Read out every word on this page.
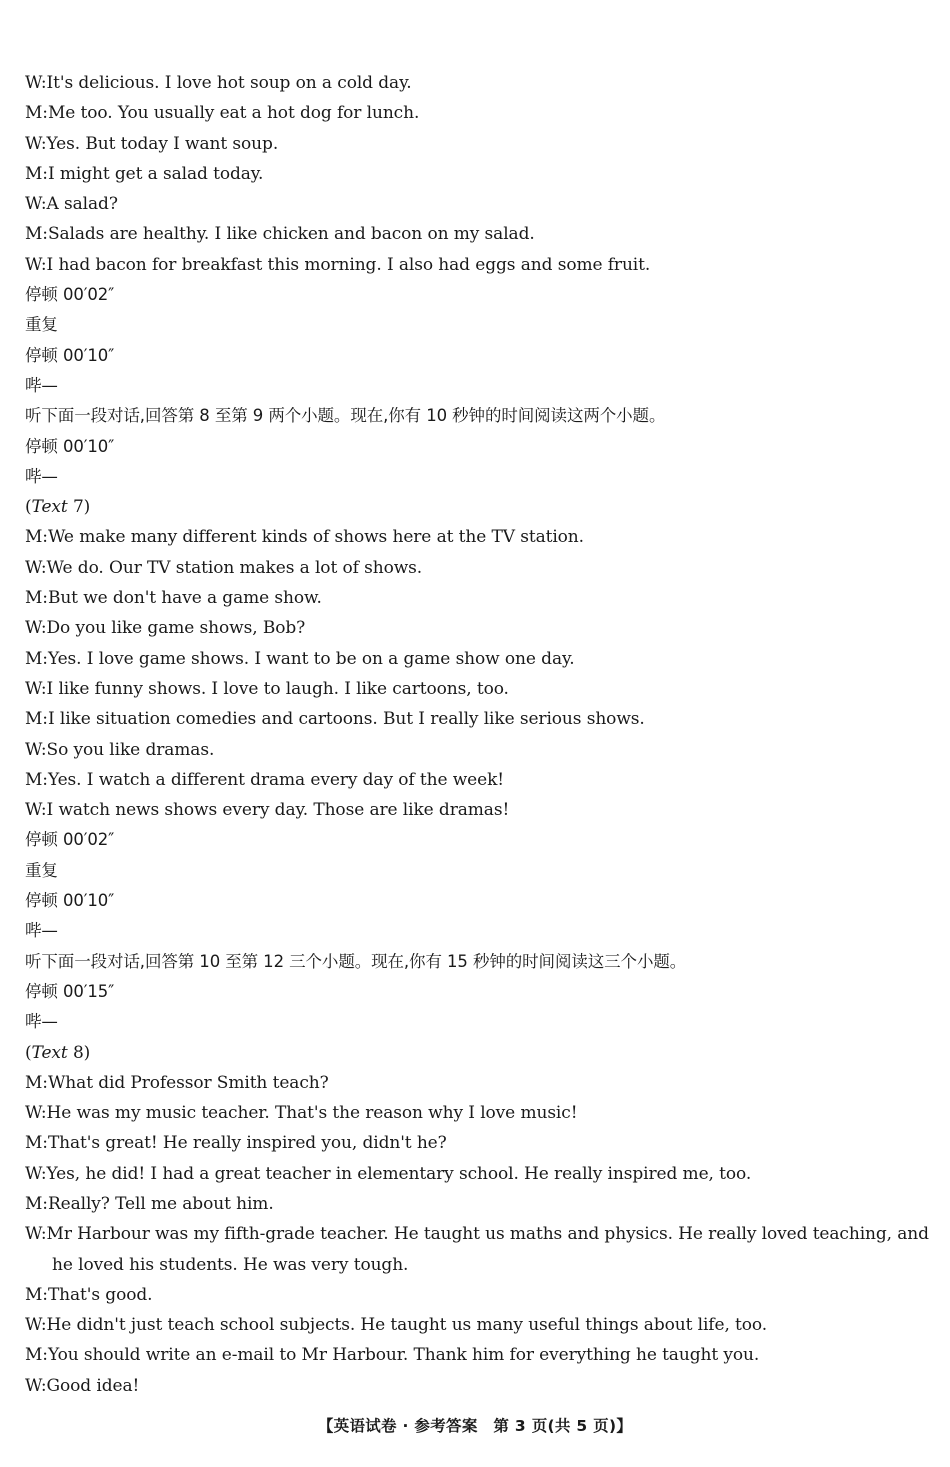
W:It's delicious. I love hot soup on a cold day.
M:Me too. You usually eat a hot dog for lunch.
W:Yes. But today I want soup.
M:I might get a salad today.
W:A salad?
M:Salads are healthy. I like chicken and bacon on my salad.
W:I had bacon for breakfast this morning. I also had eggs and some fruit.
停顿 00′02″
重复
停顿 00′10″
哔—
听下面一段对话,回答第 8 至第 9 两个小题。现在,你有 10 秒钟的时间阅读这两个小题。
停顿 00′10″
哔—
(Text 7)
M:We make many different kinds of shows here at the TV station.
W:We do. Our TV station makes a lot of shows.
M:But we don't have a game show.
W:Do you like game shows, Bob?
M:Yes. I love game shows. I want to be on a game show one day.
W:I like funny shows. I love to laugh. I like cartoons, too.
M:I like situation comedies and cartoons. But I really like serious shows.
W:So you like dramas.
M:Yes. I watch a different drama every day of the week!
W:I watch news shows every day. Those are like dramas!
停顿 00′02″
重复
停顿 00′10″
哔—
听下面一段对话,回答第 10 至第 12 三个小题。现在,你有 15 秒钟的时间阅读这三个小题。
停顿 00′15″
哔—
(Text 8)
M:What did Professor Smith teach?
W:He was my music teacher. That's the reason why I love music!
M:That's great! He really inspired you, didn't he?
W:Yes, he did! I had a great teacher in elementary school. He really inspired me, too.
M:Really? Tell me about him.
W:Mr Harbour was my fifth-grade teacher. He taught us maths and physics. He really loved teaching, and he loved his students. He was very tough.
M:That's good.
W:He didn't just teach school subjects. He taught us many useful things about life, too.
M:You should write an e-mail to Mr Harbour. Thank him for everything he taught you.
W:Good idea!
【英语试卷 · 参考答案　第 3 页(共 5 页)】
